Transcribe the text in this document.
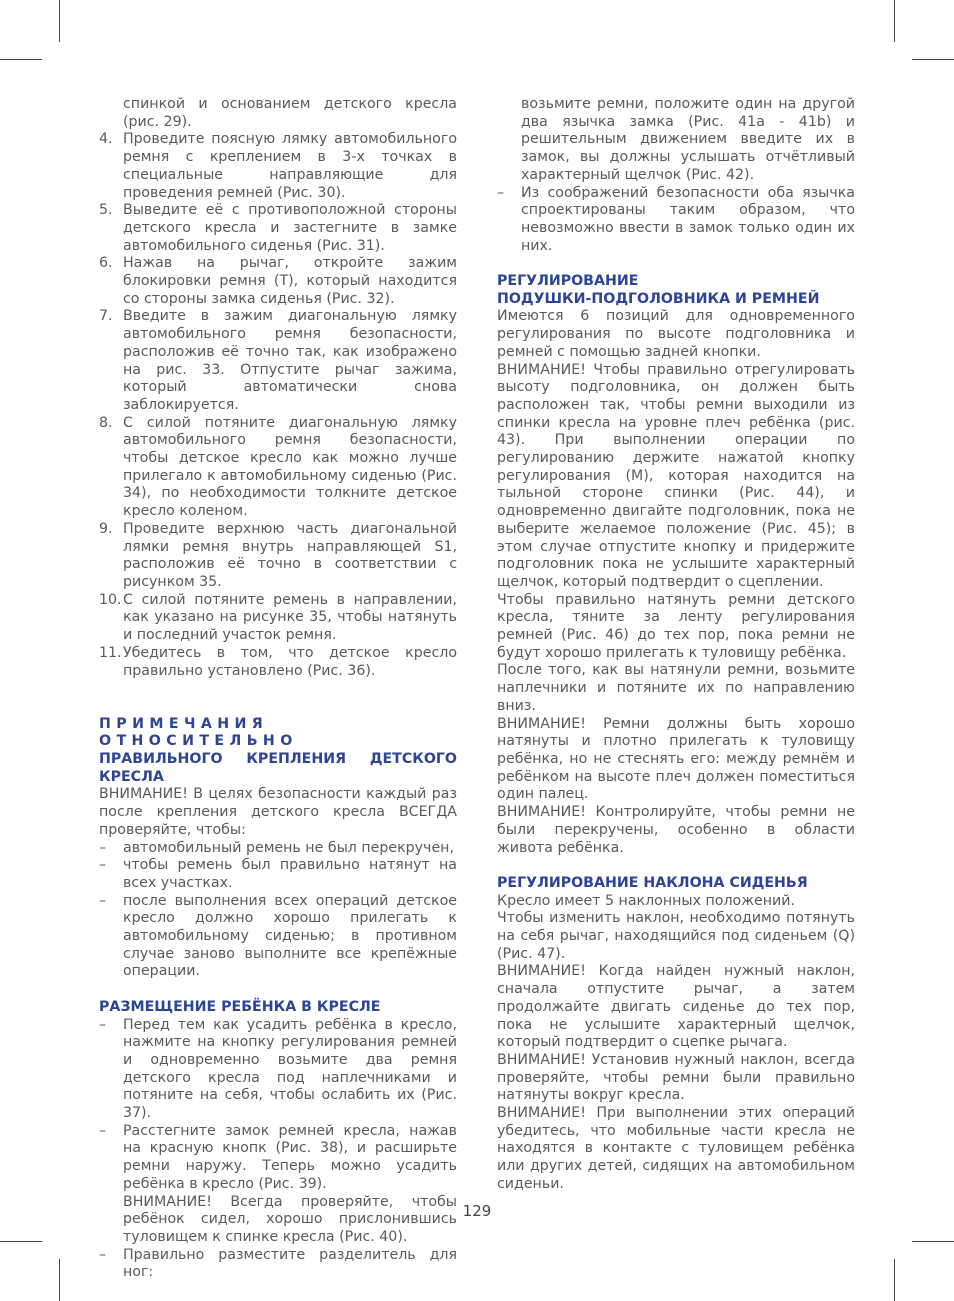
спинкой и основанием детского кресла (рис. 29).

4. Проведите поясную лямку автомобильного ремня с креплением в 3-х точках в специальные направляющие для проведения ремней (Рис. 30).
5. Выведите её с противоположной стороны детского кресла и застегните в замке автомобильного сиденья (Рис. 31).
6. Нажав на рычаг, откройте зажим блокировки ремня (T), который находится со стороны замка сиденья (Рис. 32).
7. Введите в зажим диагональную лямку автомобильного ремня безопасности, расположив её точно так, как изображено на рис. 33. Отпустите рычаг зажима, который автоматически снова заблокируется.
8. С силой потяните диагональную лямку автомобильного ремня безопасности, чтобы детское кресло как можно лучше прилегало к автомобильному сиденью (Рис. 34), по необходимости толкните детское кресло коленом.
9. Проведите верхнюю часть диагональной лямки ремня внутрь направляющей S1, расположив её точно в соответствии с рисунком 35.
10. С силой потяните ремень в направлении, как указано на рисунке 35, чтобы натянуть и последний участок ремня.
11. Убедитесь в том, что детское кресло правильно установлено (Рис. 36).

ПРИМЕЧАНИЯ ОТНОСИТЕЛЬНО

ПРАВИЛЬНОГО КРЕПЛЕНИЯ ДЕТСКОГО КРЕСЛА

ВНИМАНИЕ! В целях безопасности каждый раз после крепления детского кресла ВСЕГДА проверяйте, чтобы:

– автомобильный ремень не был перекручен,
– чтобы ремень был правильно натянут на всех участках.
– после выполнения всех операций детское кресло должно хорошо прилегать к автомобильному сиденью; в противном случае заново выполните все крепёжные операции.

РАЗМЕЩЕНИЕ РЕБЁНКА В КРЕСЛЕ

– Перед тем как усадить ребёнка в кресло, нажмите на кнопку регулирования ремней и одновременно возьмите два ремня детского кресла под наплечниками и потяните на себя, чтобы ослабить их (Рис. 37).
– Расстегните замок ремней кресла, нажав на красную кнопк (Рис. 38), и расширьте ремни наружу. Теперь можно усадить ребёнка в кресло (Рис. 39).
ВНИМАНИЕ! Всегда проверяйте, чтобы ребёнок сидел, хорошо прислонившись туловищем к спинке кресла (Рис. 40).
– Правильно разместите разделитель для ног:

возьмите ремни, положите один на другой два язычка замка (Рис. 41a - 41b) и решительным движением введите их в замок, вы должны услышать отчётливый характерный щелчок (Рис. 42).

– Из соображений безопасности оба язычка спроектированы таким образом, что невозможно ввести в замок только один их них.

РЕГУЛИРОВАНИЕ

ПОДУШКИ-ПОДГОЛОВНИКА И РЕМНЕЙ

Имеются 6 позиций для одновременного регулирования по высоте подголовника и ремней с помощью задней кнопки.

ВНИМАНИЕ! Чтобы правильно отрегулировать высоту подголовника, он должен быть расположен так, чтобы ремни выходили из спинки кресла на уровне плеч ребёнка (рис. 43). При выполнении операции по регулированию держите нажатой кнопку регулирования (M), которая находится на тыльной стороне спинки (Рис. 44), и одновременно двигайте подголовник, пока не выберите желаемое положение (Рис. 45); в этом случае отпустите кнопку и придержите подголовник пока не услышите характерный щелчок, который подтвердит о сцеплении.

Чтобы правильно натянуть ремни детского кресла, тяните за ленту регулирования ремней (Рис. 46) до тех пор, пока ремни не будут хорошо прилегать к туловищу ребёнка.

После того, как вы натянули ремни, возьмите наплечники и потяните их по направлению вниз.

ВНИМАНИЕ! Ремни должны быть хорошо натянуты и плотно прилегать к туловищу ребёнка, но не стеснять его: между ремнём и ребёнком на высоте плеч должен поместиться один палец.

ВНИМАНИЕ! Контролируйте, чтобы ремни не были перекручены, особенно в области живота ребёнка.

РЕГУЛИРОВАНИЕ НАКЛОНА СИДЕНЬЯ

Кресло имеет 5 наклонных положений.

Чтобы изменить наклон, необходимо потянуть на себя рычаг, находящийся под сиденьем (Q) (Рис. 47).

ВНИМАНИЕ! Когда найден нужный наклон, сначала отпустите рычаг, а затем продолжайте двигать сиденье до тех пор, пока не услышите характерный щелчок, который подтвердит о сцепке рычага.

ВНИМАНИЕ! Установив нужный наклон, всегда проверяйте, чтобы ремни были правильно натянуты вокруг кресла.

ВНИМАНИЕ! При выполнении этих операций убедитесь, что мобильные части кресла не находятся в контакте с туловищем ребёнка или других детей, сидящих на автомобильном сиденьи.

129
